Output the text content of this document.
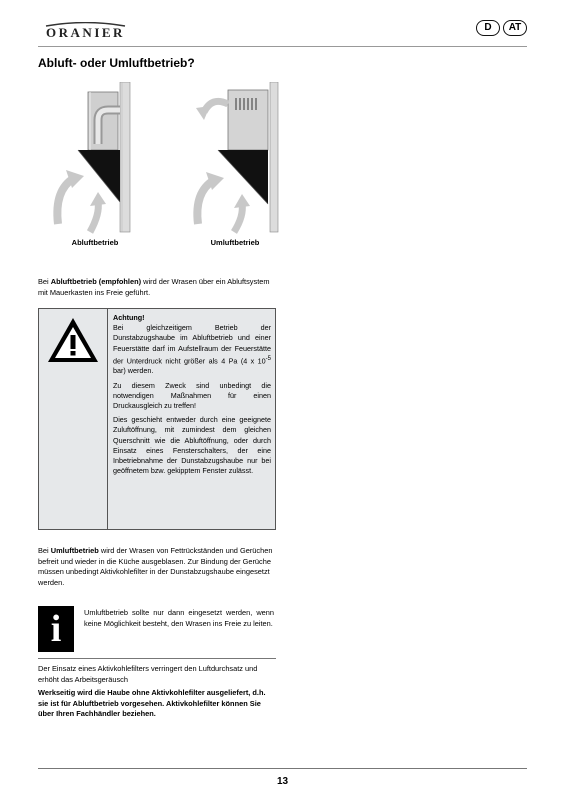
ORANIER	D	AT
Abluft- oder Umluftbetrieb?
Abluftbetrieb	Umluftbetrieb

Bei Abluftbetrieb (empfohlen) wird der Wrasen über ein Abluftsystem mit Mauerkasten ins Freie geführt.

Achtung!
Bei gleichzeitigem Betrieb der Dunstabzugshaube im Abluftbetrieb und einer Feuerstätte darf im Aufstellraum der Feuerstätte der Unterdruck nicht größer als 4 Pa (4 x $10^{-5}$ bar) werden.

Zu diesem Zweck sind unbedingt die notwendigen Maßnahmen für einen Druckausgleich zu treffen!

Dies geschieht entweder durch eine geeignete Zuluftöffnung, mit zumindest dem gleichen Querschnitt wie die Abluftöffnung, oder durch Einsatz eines Fensterschalters, der eine Inbetriebnahme der Dunstabzugshaube nur bei geöffnetem bzw. gekipptem Fenster zulässt.

Bei Umluftbetrieb wird der Wrasen von Fettrückständen und Gerüchen befreit und wieder in die Küche ausgeblasen. Zur Bindung der Gerüche müssen unbedingt Aktivkohlefilter in der Dunstabzugshaube eingesetzt werden.

i	Umluftbetrieb sollte nur dann eingesetzt werden, wenn keine Möglichkeit besteht, den Wrasen ins Freie zu leiten.

Der Einsatz eines Aktivkohlefilters verringert den Luftdurchsatz und erhöht das Arbeitsgeräusch

Werkseitig wird die Haube ohne Aktivkohlefilter ausgeliefert, d.h. sie ist für Abluftbetrieb vorgesehen. Aktivkohlefilter können Sie über Ihren Fachhändler beziehen.

13
